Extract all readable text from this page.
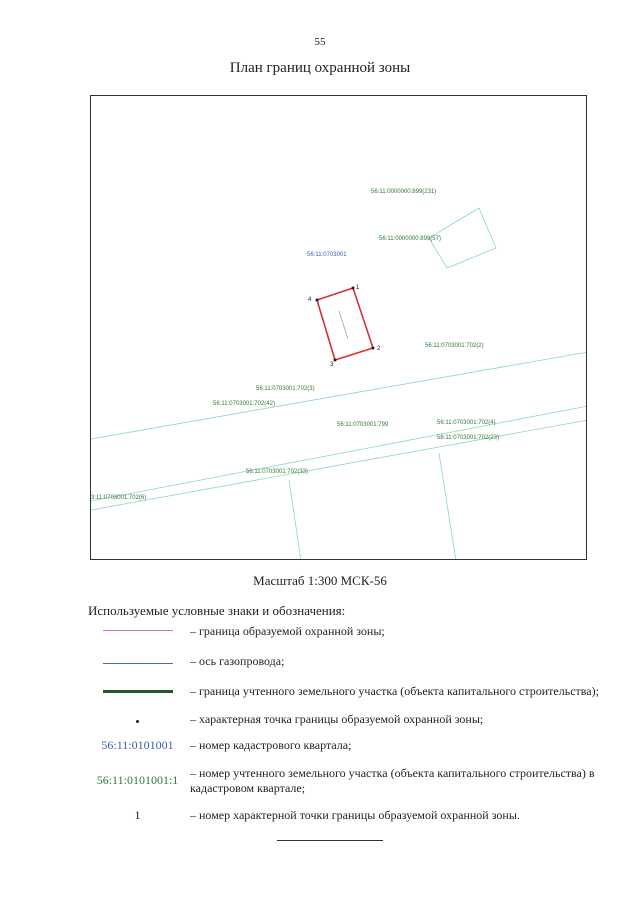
55
План границ охранной зоны
1
2
3
4
56:11:0000000:899(231)
56:11:0000000:899(57)
56:11:0703001
56:11:0703001:702(2)
56:11:0703001:702(3)
56:11:0703001:702(42)
56:11:0703001:799	56:11:0703001:702(4)
56:11:0703001:702(23)
56:11:0703001:702(33)
3:11:0703001:702(6)
Масштаб 1:300 МСК-56
Используемые условные знаки и обозначения:
– граница образуемой охранной зоны;
– ось газопровода;
– граница учтенного земельного участка (объекта капитального строительства);
– характерная точка границы образуемой охранной зоны;
56:11:0101001	– номер кадастрового квартала;
56:11:0101001:1 – номер учтенного земельного участка (объекта капитального строительства) в кадастровом квартале;
1	– номер характерной точки границы образуемой охранной зоны.
